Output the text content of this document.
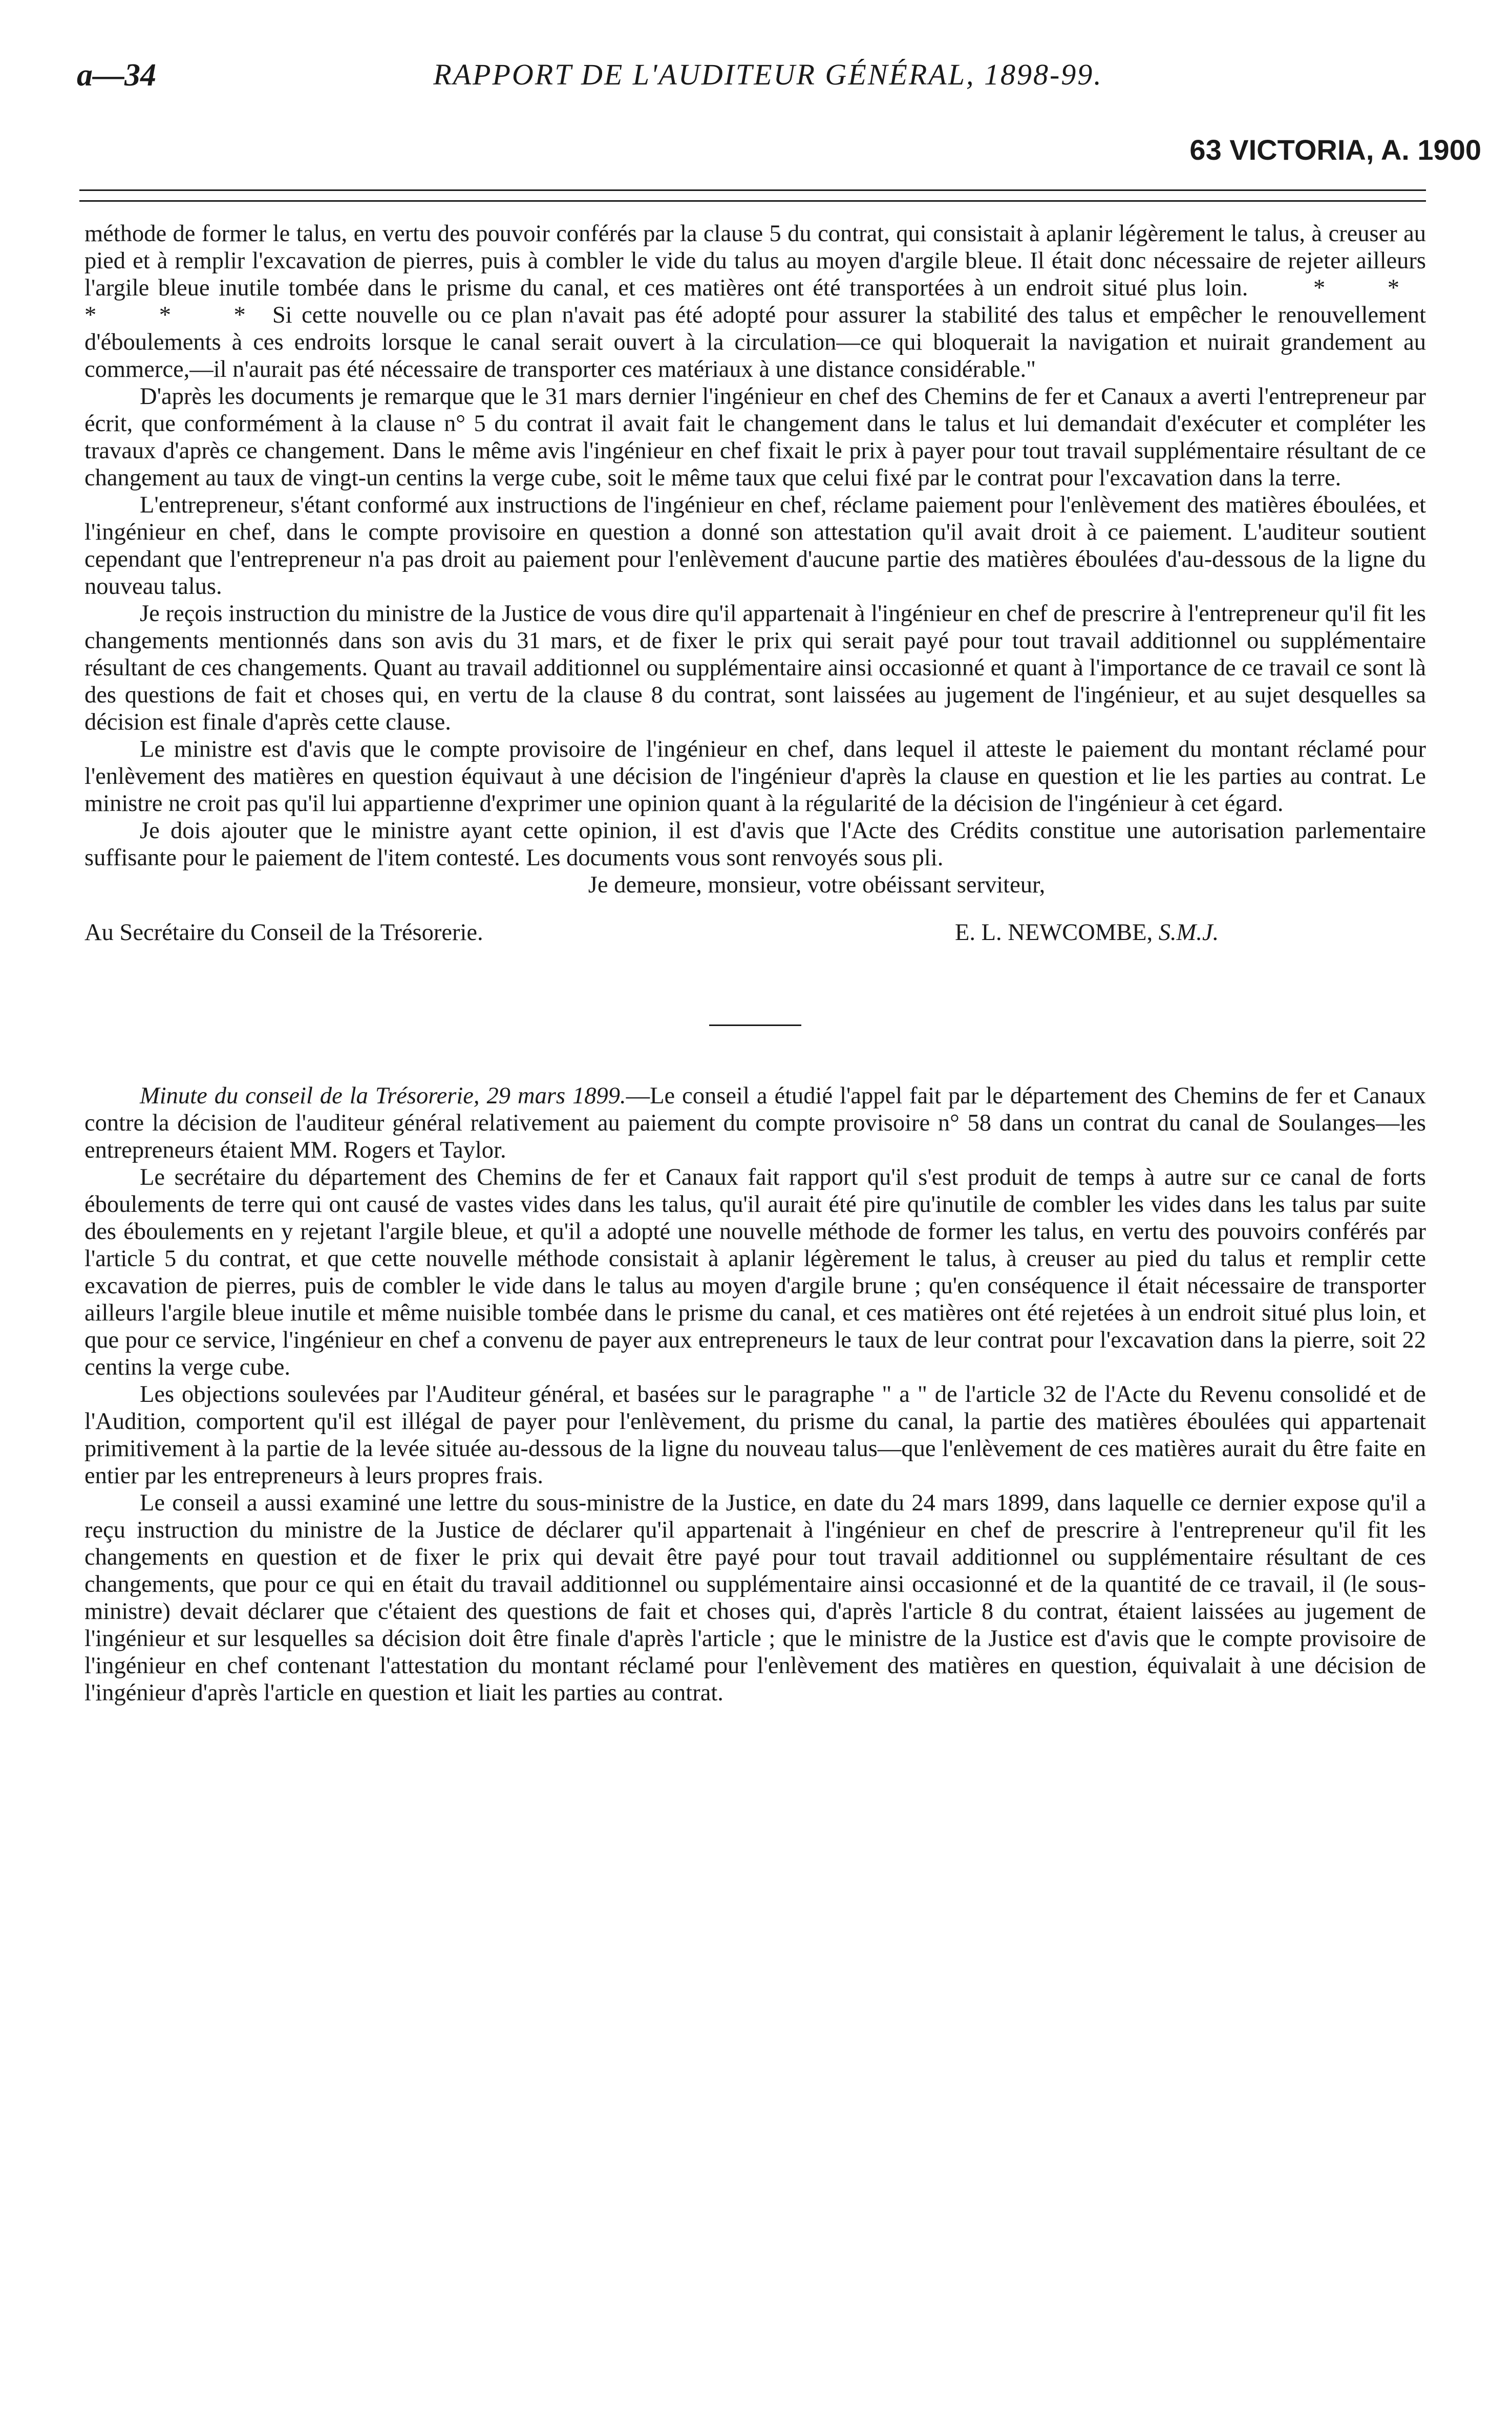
a—34	RAPPORT DE L'AUDITEUR GÉNÉRAL, 1898-99.
63 VICTORIA, A. 1900

méthode de former le talus, en vertu des pouvoir conférés par la clause 5 du contrat, qui consistait à aplanir légèrement le talus, à creuser au pied et à remplir l'excavation de pierres, puis à combler le vide du talus au moyen d'argile bleue. Il était donc nécessaire de rejeter ailleurs l'argile bleue inutile tombée dans le prisme du canal, et ces matières ont été transportées à un endroit situé plus loin.	* * * * *Si cette nouvelle ou ce plan n'avait pas été adopté pour assurer la stabilité des talus et empêcher le renouvellement d'éboulements à ces endroits lorsque le canal serait ouvert à la circulation—ce qui bloquerait la navigation et nuirait grandement au commerce,—il n'aurait pas été nécessaire de transporter ces matériaux à une distance considérable."

D'après les documents je remarque que le 31 mars dernier l'ingénieur en chef des Chemins de fer et Canaux a averti l'entrepreneur par écrit, que conformément à la clause n° 5 du contrat il avait fait le changement dans le talus et lui demandait d'exécuter et compléter les travaux d'après ce changement. Dans le même avis l'ingénieur en chef fixait le prix à payer pour tout travail supplémentaire résultant de ce changement au taux de vingt-un centins la verge cube, soit le même taux que celui fixé par le contrat pour l'excavation dans la terre.

L'entrepreneur, s'étant conformé aux instructions de l'ingénieur en chef, réclame paiement pour l'enlèvement des matières éboulées, et l'ingénieur en chef, dans le compte provisoire en question a donné son attestation qu'il avait droit à ce paiement. L'auditeur soutient cependant que l'entrepreneur n'a pas droit au paiement pour l'enlèvement d'aucune partie des matières éboulées d'au-dessous de la ligne du nouveau talus.

Je reçois instruction du ministre de la Justice de vous dire qu'il appartenait à l'ingénieur en chef de prescrire à l'entrepreneur qu'il fit les changements mentionnés dans son avis du 31 mars, et de fixer le prix qui serait payé pour tout travail additionnel ou supplémentaire résultant de ces changements. Quant au travail additionnel ou supplémentaire ainsi occasionné et quant à l'importance de ce travail ce sont là des questions de fait et choses qui, en vertu de la clause 8 du contrat, sont laissées au jugement de l'ingénieur, et au sujet desquelles sa décision est finale d'après cette clause.

Le ministre est d'avis que le compte provisoire de l'ingénieur en chef, dans lequel il atteste le paiement du montant réclamé pour l'enlèvement des matières en question équivaut à une décision de l'ingénieur d'après la clause en question et lie les parties au contrat. Le ministre ne croit pas qu'il lui appartienne d'exprimer une opinion quant à la régularité de la décision de l'ingénieur à cet égard.

Je dois ajouter que le ministre ayant cette opinion, il est d'avis que l'Acte des Crédits constitue une autorisation parlementaire suffisante pour le paiement de l'item contesté. Les documents vous sont renvoyés sous pli.

Je demeure, monsieur, votre obéissant serviteur,

Au Secrétaire du Conseil de la Trésorerie.	E. L. NEWCOMBE, S.M.J.

Minute du conseil de la Trésorerie, 29 mars 1899.—Le conseil a étudié l'appel fait par le département des Chemins de fer et Canaux contre la décision de l'auditeur général relativement au paiement du compte provisoire n° 58 dans un contrat du canal de Soulanges—les entrepreneurs étaient MM. Rogers et Taylor.

Le secrétaire du département des Chemins de fer et Canaux fait rapport qu'il s'est produit de temps à autre sur ce canal de forts éboulements de terre qui ont causé de vastes vides dans les talus, qu'il aurait été pire qu'inutile de combler les vides dans les talus par suite des éboulements en y rejetant l'argile bleue, et qu'il a adopté une nouvelle méthode de former les talus, en vertu des pouvoirs conférés par l'article 5 du contrat, et que cette nouvelle méthode consistait à aplanir légèrement le talus, à creuser au pied du talus et remplir cette excavation de pierres, puis de combler le vide dans le talus au moyen d'argile brune ; qu'en conséquence il était nécessaire de transporter ailleurs l'argile bleue inutile et même nuisible tombée dans le prisme du canal, et ces matières ont été rejetées à un endroit situé plus loin, et que pour ce service, l'ingénieur en chef a convenu de payer aux entrepreneurs le taux de leur contrat pour l'excavation dans la pierre, soit 22 centins la verge cube.

Les objections soulevées par l'Auditeur général, et basées sur le paragraphe " a " de l'article 32 de l'Acte du Revenu consolidé et de l'Audition, comportent qu'il est illégal de payer pour l'enlèvement, du prisme du canal, la partie des matières éboulées qui appartenait primitivement à la partie de la levée située au-dessous de la ligne du nouveau talus—que l'enlèvement de ces matières aurait du être faite en entier par les entrepreneurs à leurs propres frais.

Le conseil a aussi examiné une lettre du sous-ministre de la Justice, en date du 24 mars 1899, dans laquelle ce dernier expose qu'il a reçu instruction du ministre de la Justice de déclarer qu'il appartenait à l'ingénieur en chef de prescrire à l'entrepreneur qu'il fit les changements en question et de fixer le prix qui devait être payé pour tout travail additionnel ou supplémentaire résultant de ces changements, que pour ce qui en était du travail additionnel ou supplémentaire ainsi occasionné et de la quantité de ce travail, il (le sous-ministre) devait déclarer que c'étaient des questions de fait et choses qui, d'après l'article 8 du contrat, étaient laissées au jugement de l'ingénieur et sur lesquelles sa décision doit être finale d'après l'article ; que le ministre de la Justice est d'avis que le compte provisoire de l'ingénieur en chef contenant l'attestation du montant réclamé pour l'enlèvement des matières en question, équivalait à une décision de l'ingénieur d'après l'article en question et liait les parties au contrat.
